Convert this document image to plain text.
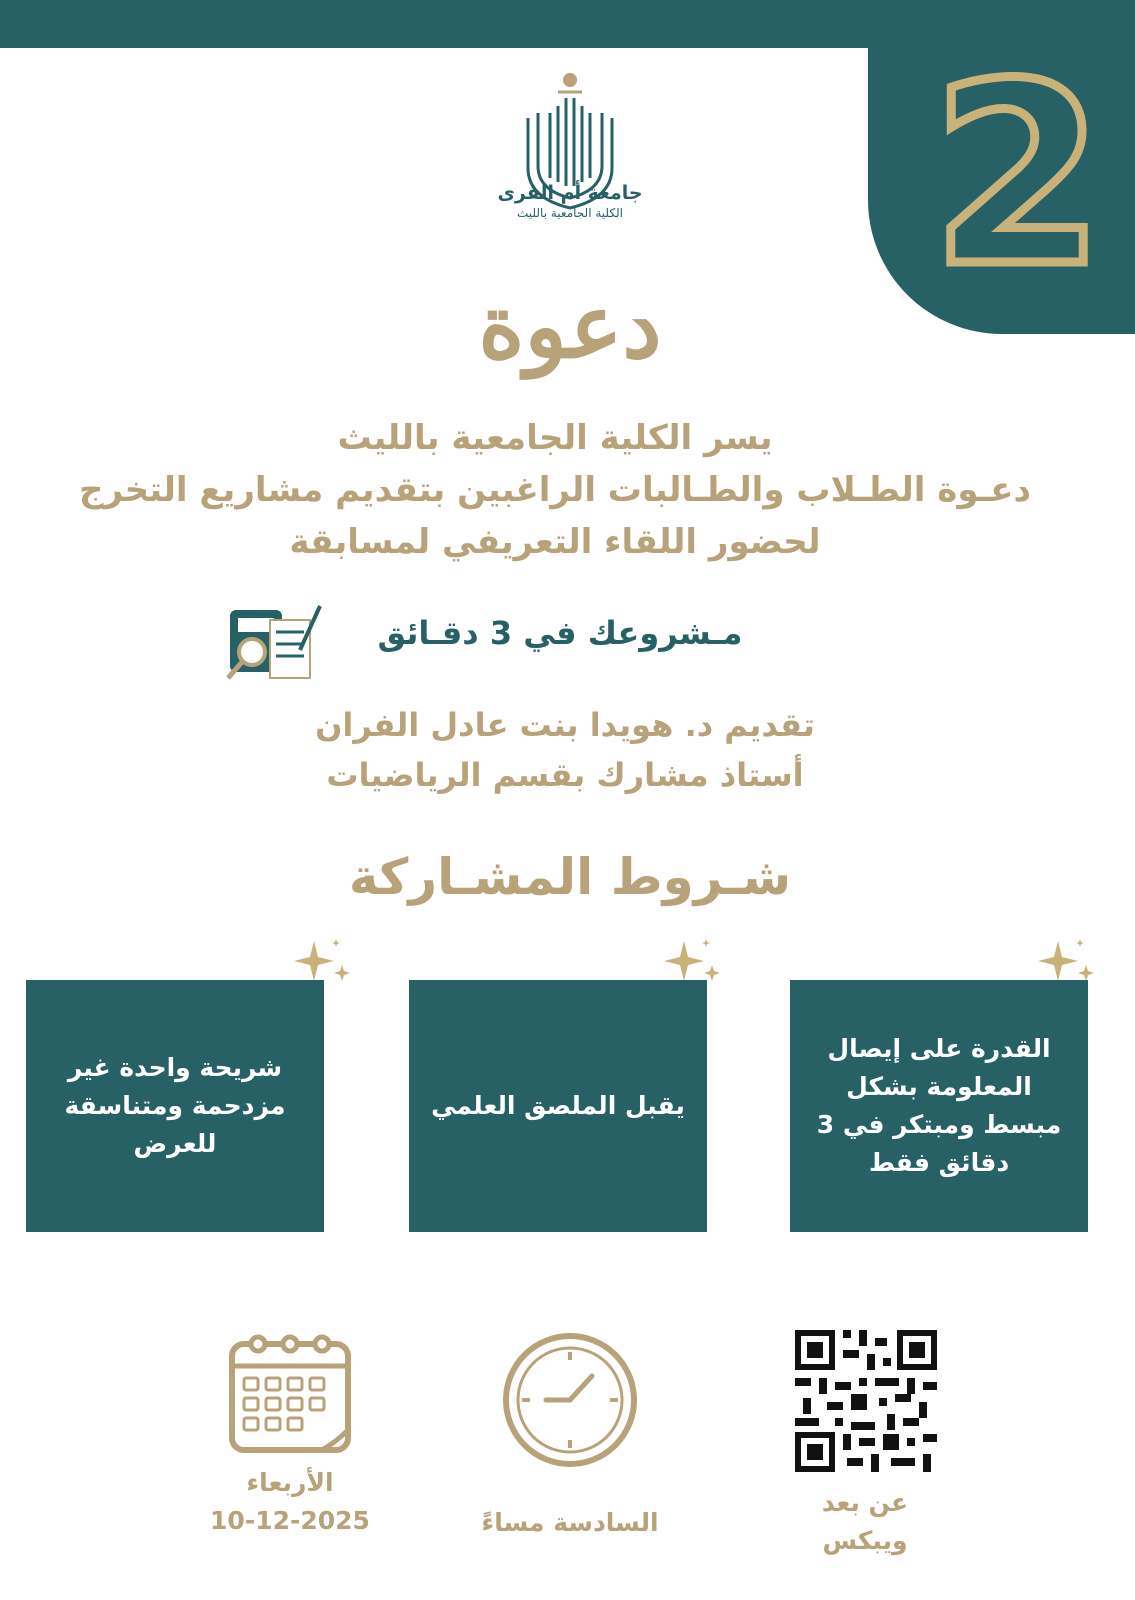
2
جامعة أم القرى
الكلية الجامعية بالليث
دعوة
يسر الكلية الجامعية بالليث
دعـوة الطـلاب والطـالبات الراغبين بتقديم مشاريع التخرج
لحضور اللقاء التعريفي لمسابقة
مـشروعك في 3 دقـائق
تقديم د. هويدا بنت عادل الفران
أستاذ مشارك بقسم الرياضيات
شـروط المشـاركة
القدرة على إيصال المعلومة بشكل مبسط ومبتكر في 3 دقائق فقط
يقبل الملصق العلمي
شريحة واحدة غير مزدحمة ومتناسقة للعرض
عن بعد
ويبكس
السادسة مساءً
الأربعاء
10-12-2025
